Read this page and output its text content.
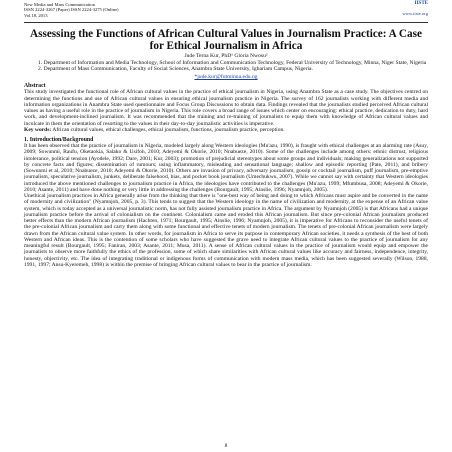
New Media and Mass Communication
ISSN 2224-3267 (Paper) ISSN 2224-3275 (Online)
Vol.18, 2013
IISTE
www.iiste.org
Assessing the Functions of African Cultural Values in Journalism Practice: A Case for Ethical Journalism in Africa
Jude Terna Kur, PhD¹ Gloria Nwosu²
1. Department of Information and Media Technology, School of Information and Communication Technology, Federal University of Technology, Minna, Niger State, Nigeria
2. Department of Mass Communication, Faculty of Social Sciences, Anambra State University, Igbariam Campus, Nigeria.
*jude.kur@futminna.edu.ng
Abstract

This study investigated the functional role of African cultural values in the practice of ethical journalism in Nigeria, using Anambra State as a case study. The objectives centred on determining the functions and use of African cultural values in ensuring ethical journalism practice in Nigeria. The survey of 162 journalists working with different media and information organizations in Anambra State used questionnaire and Focus Group Discussions to obtain data. Findings revealed that the journalists studied perceived African cultural values as having a useful role in the practice of journalism in Nigeria. This role covers a broad range of issues which center on encouraging: ethical practice, dedication to duty, hard work, and development-inclined journalism. It was recommended that the training and re-training of journalists to equip them with knowledge of African cultural values and inculcate in them the orientation of resorting to the values in their day-to-day journalistic activities is imperative.

Key words: African cultural values, ethical challenges, ethical journalism, functions, journalism practice, perception.

1. Introduction/Background

It has been observed that the practice of journalism in Nigeria, modeled largely along Western ideologies (Mu'azu, 1990), is fraught with ethical challenges at an alarming rate (Asuy, 2009; Sowunmi, Raufu, Oketaokia, Salako & Usifoh, 2010; Adeyemi & Okorie, 2010; Nnabueze, 2010). Some of the challenges include among others: ethnic distrust, religious intolerance, political tension (Ayodele, 1992; Dare, 2001; Kur, 2003); promotion of prejudicial stereotypes about some groups and individuals; making generalizations not supported by concrete facts and figures; dissemination of rumours; using inflammatory, misleading and sensational language; shallow and episodic reporting (Pate, 2011), and bribery (Sowunmi et al, 2010; Nnabueze, 2010; Adeyemi & Okorie, 2010). Others are invasion of privacy, adversary journalism, gossip or cocktail journalism, puff journalism, pre-emptive journalism, speculative journalism, junkets, deliberate falsehood, bias, and pocket book journalism (Umechukwu, 2007). While we cannot say with certainty that Western ideologies introduced the above mentioned challenges to journalism practice in Africa, the ideologies have contributed to the challenges (Mu'azu, 1999; Mfumbusa, 2008; Adeyemi & Okorie, 2010; Asante, 2011) and have done nothing or very little in addressing the challenges (Bourgault, 1995; Ainslie, 1996; Nyamnjoh, 2005).

Unethical journalism practices in Africa generally arise from the thinking that there is "one-best way of being and doing to which Africans must aspire and be converted in the name of modernity and civilization" (Nyamnjoh, 2005, p. 3). This tends to suggest that the Western ideology in the name of civilization and modernity, at the expense of an African value system, which is today accepted as a universal journalistic norm, has not fully assisted journalism practice in Africa. The argument by Nyamnjoh (2005) is that Africans had a unique journalism practice before the arrival of colonialism on the continent. Colonialism came and eroded this African journalism. But since pre-colonial African journalism produced better effects than the modern African journalism (Hachten, 1971; Bourgault, 1995; Ainslie, 1996; Nyamnjoh, 2005), it is imperative for Africans to reconsider the useful tenets of the pre-colonial African journalism and carry them along with some functional and effective tenets of modern journalism. The tenets of pre-colonial African journalism were largely drawn from the African cultural value system. In other words, for journalism in Africa to serve its purpose in contemporary African societies, it needs a synthesis of the best of both Western and African ideas. This is the contention of some scholars who have suggested the grave need to integrate African cultural values to the practice of journalism for any meaningful result (Bourgault, 1995; Faniran, 2003; Asante, 2011; Musa, 2011). A sense of African cultural values in the practice of journalism would equip and empower the journalists to observe more faithfully the ethics of the profession, some of which share similarities with African cultural values like accuracy and fairness, independence, integrity, honesty, objectivity, etc. The idea of integrating traditional or indigenous forms of communication with modern mass media, which has been suggested severally (Wilson, 1988, 1991, 1997; Ansu-Kyeremeh, 1998) is within the premise of bringing African cultural values to bear in the practice of journalism.

8
